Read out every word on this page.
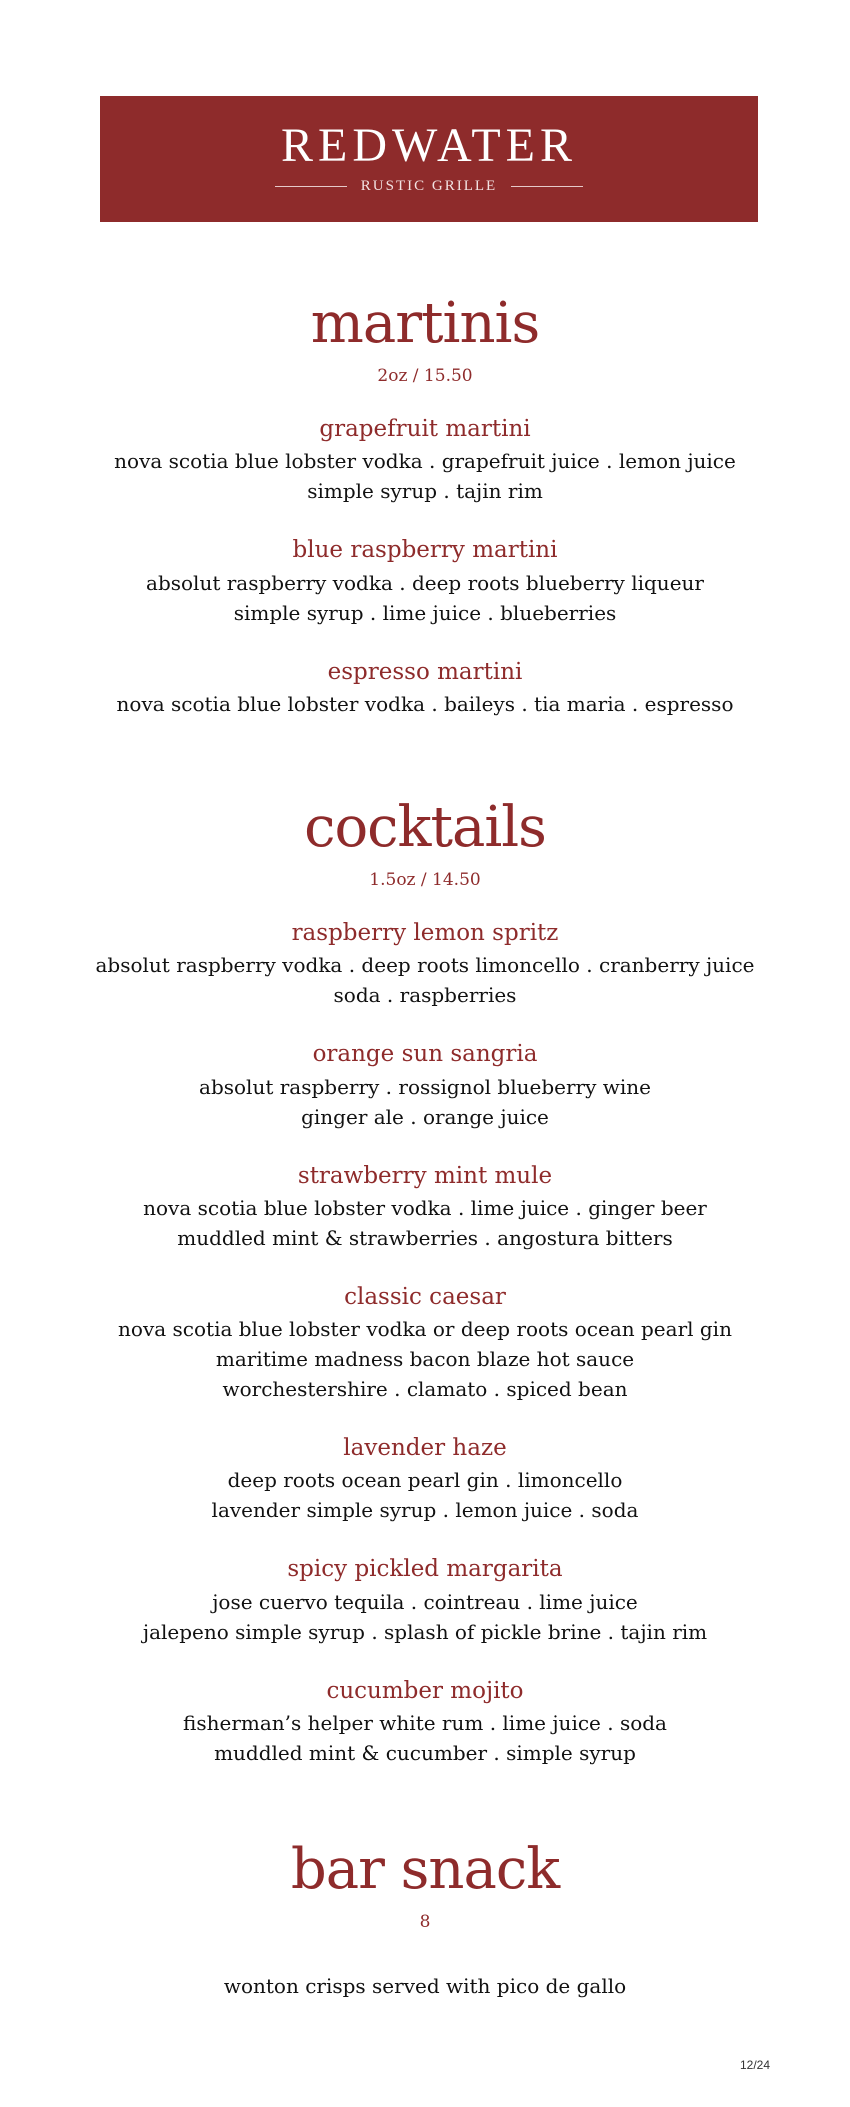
REDWATER
RUSTIC GRILLE
martinis
2oz / 15.50

grapefruit martini

nova scotia blue lobster vodka . grapefruit juice . lemon juice

simple syrup . tajin rim

blue raspberry martini

absolut raspberry vodka . deep roots blueberry liqueur

simple syrup . lime juice . blueberries

espresso martini

nova scotia blue lobster vodka . baileys . tia maria . espresso

cocktails
1.5oz / 14.50

raspberry lemon spritz

absolut raspberry vodka . deep roots limoncello . cranberry juice

soda . raspberries

orange sun sangria

absolut raspberry . rossignol blueberry wine

ginger ale . orange juice

strawberry mint mule

nova scotia blue lobster vodka . lime juice . ginger beer

muddled mint & strawberries . angostura bitters

classic caesar

nova scotia blue lobster vodka or deep roots ocean pearl gin

maritime madness bacon blaze hot sauce

worchestershire . clamato . spiced bean

lavender haze

deep roots ocean pearl gin . limoncello

lavender simple syrup . lemon juice . soda

spicy pickled margarita

jose cuervo tequila . cointreau . lime juice

jalepeno simple syrup . splash of pickle brine . tajin rim

cucumber mojito

fisherman’s helper white rum . lime juice . soda

muddled mint & cucumber . simple syrup

bar snack
8

wonton crisps served with pico de gallo

12/24
